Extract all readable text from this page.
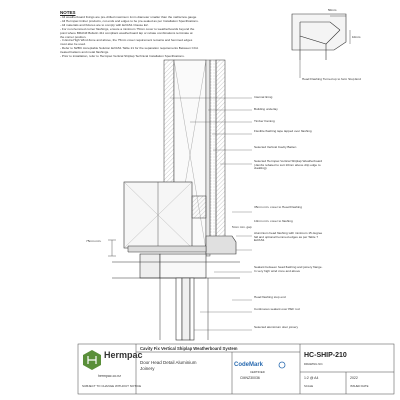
NOTES
- All weatherboard fixings are pre-drilled maximum 1mm diameter smaller than the nail/screw gauge
- All Hermpac timber products, cut ends and edges to be pre-sealed as per Installation Specifications.
- All materials and fixtures are to comply with E2/AS1 Clause E2.
- For non-hemmed corner flashings, ensure a minimum 75mm cover to weatherboards beyond the
point where BRANZ Bulletin 411 compliant weatherboard lap or rebate combinations terminate at
the corner position.
- In Extra High Wind Zone and above, the 75mm cover requirement remains and hemmed edges
must also be used.
- Refer to NZBC Acceptable Solution E2/AS1 Table 21 for the separation requirements Between CCA
treated battens and metal flashings.
- Prior to installation, refer to Hermpac Vertical Shiplap Technical Installation Specifications.
50mm
10mm
Head Flashing Turned up to form Stop End
Internal lining
Building underlay
Timber framing
Flexible flashing tape lapped over flashing
Selected Vertical Cavity Batten
Selected Hermpac Vertical Shiplap Weatherboard (Jambs rebated to suit 10mm above drip edge to cladding)
35mm min. cover to Head Flashing
10mm min. cover to flashing
Aluminium head flashing with minimum 15 degree fall and optional hemmed edges as per Table 7 E2/AS1
Sealant between head flashing and joinery flange. In very high wind zone and above
Head flashing stop end
Continuous sealant over PEF rod
Selected aluminium door joinery
75mm min.
5mm min. gap
Hermpac
hermpac.co.nz
SUBJECT TO CHANGE WITHOUT NOTICE
Cavity Fix Vertical Shiplap Weatherboard System
Door Head Detail Aluminium Joinery
CodeMark
CERTIFIED
CMNZ30036
HC-SHIP-210
DRAWING NO.
1:2 @ A4
SCALE
2022
ISSUED DATE
